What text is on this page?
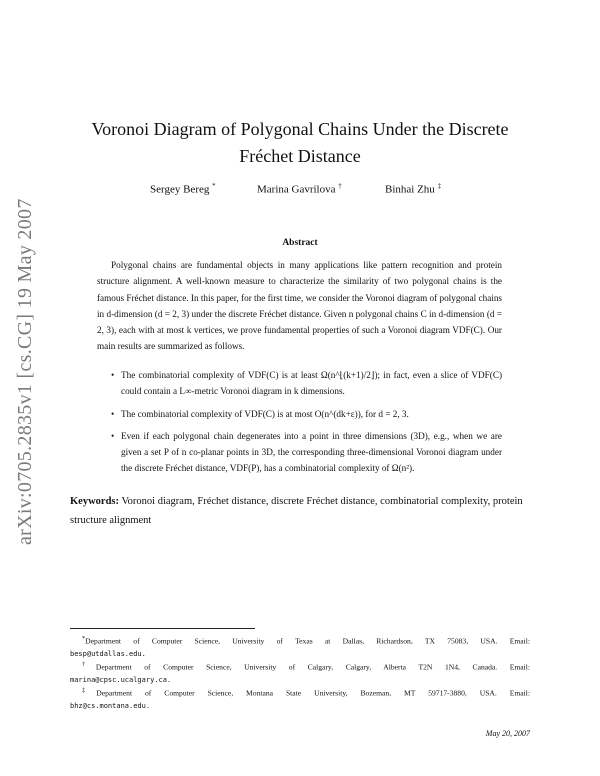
arXiv:0705.2835v1 [cs.CG] 19 May 2007
Voronoi Diagram of Polygonal Chains Under the Discrete Fréchet Distance
Sergey Bereg *	Marina Gavrilova †	Binhai Zhu ‡
Abstract
Polygonal chains are fundamental objects in many applications like pattern recognition and protein structure alignment. A well-known measure to characterize the similarity of two polygonal chains is the famous Fréchet distance. In this paper, for the first time, we consider the Voronoi diagram of polygonal chains in d-dimension (d = 2, 3) under the discrete Fréchet distance. Given n polygonal chains C in d-dimension (d = 2, 3), each with at most k vertices, we prove fundamental properties of such a Voronoi diagram VDF(C). Our main results are summarized as follows.
• The combinatorial complexity of VDF(C) is at least Ω(n^⌊(k+1)/2⌋); in fact, even a slice of VDF(C) could contain a L∞-metric Voronoi diagram in k dimensions.
• The combinatorial complexity of VDF(C) is at most O(n^(dk+ε)), for d = 2, 3.
• Even if each polygonal chain degenerates into a point in three dimensions (3D), e.g., when we are given a set P of n co-planar points in 3D, the corresponding three-dimensional Voronoi diagram under the discrete Fréchet distance, VDF(P), has a combinatorial complexity of Ω(n²).
Keywords: Voronoi diagram, Fréchet distance, discrete Fréchet distance, combinatorial complexity, protein structure alignment
*Department of Computer Science, University of Texas at Dallas, Richardson, TX 75083, USA. Email:
besp@utdallas.edu.
†Department of Computer Science, University of Calgary, Calgary, Alberta T2N 1N4, Canada. Email:
marina@cpsc.ucalgary.ca.
‡Department of Computer Science, Montana State University, Bozeman, MT 59717-3880, USA. Email:
bhz@cs.montana.edu.
May 20, 2007
